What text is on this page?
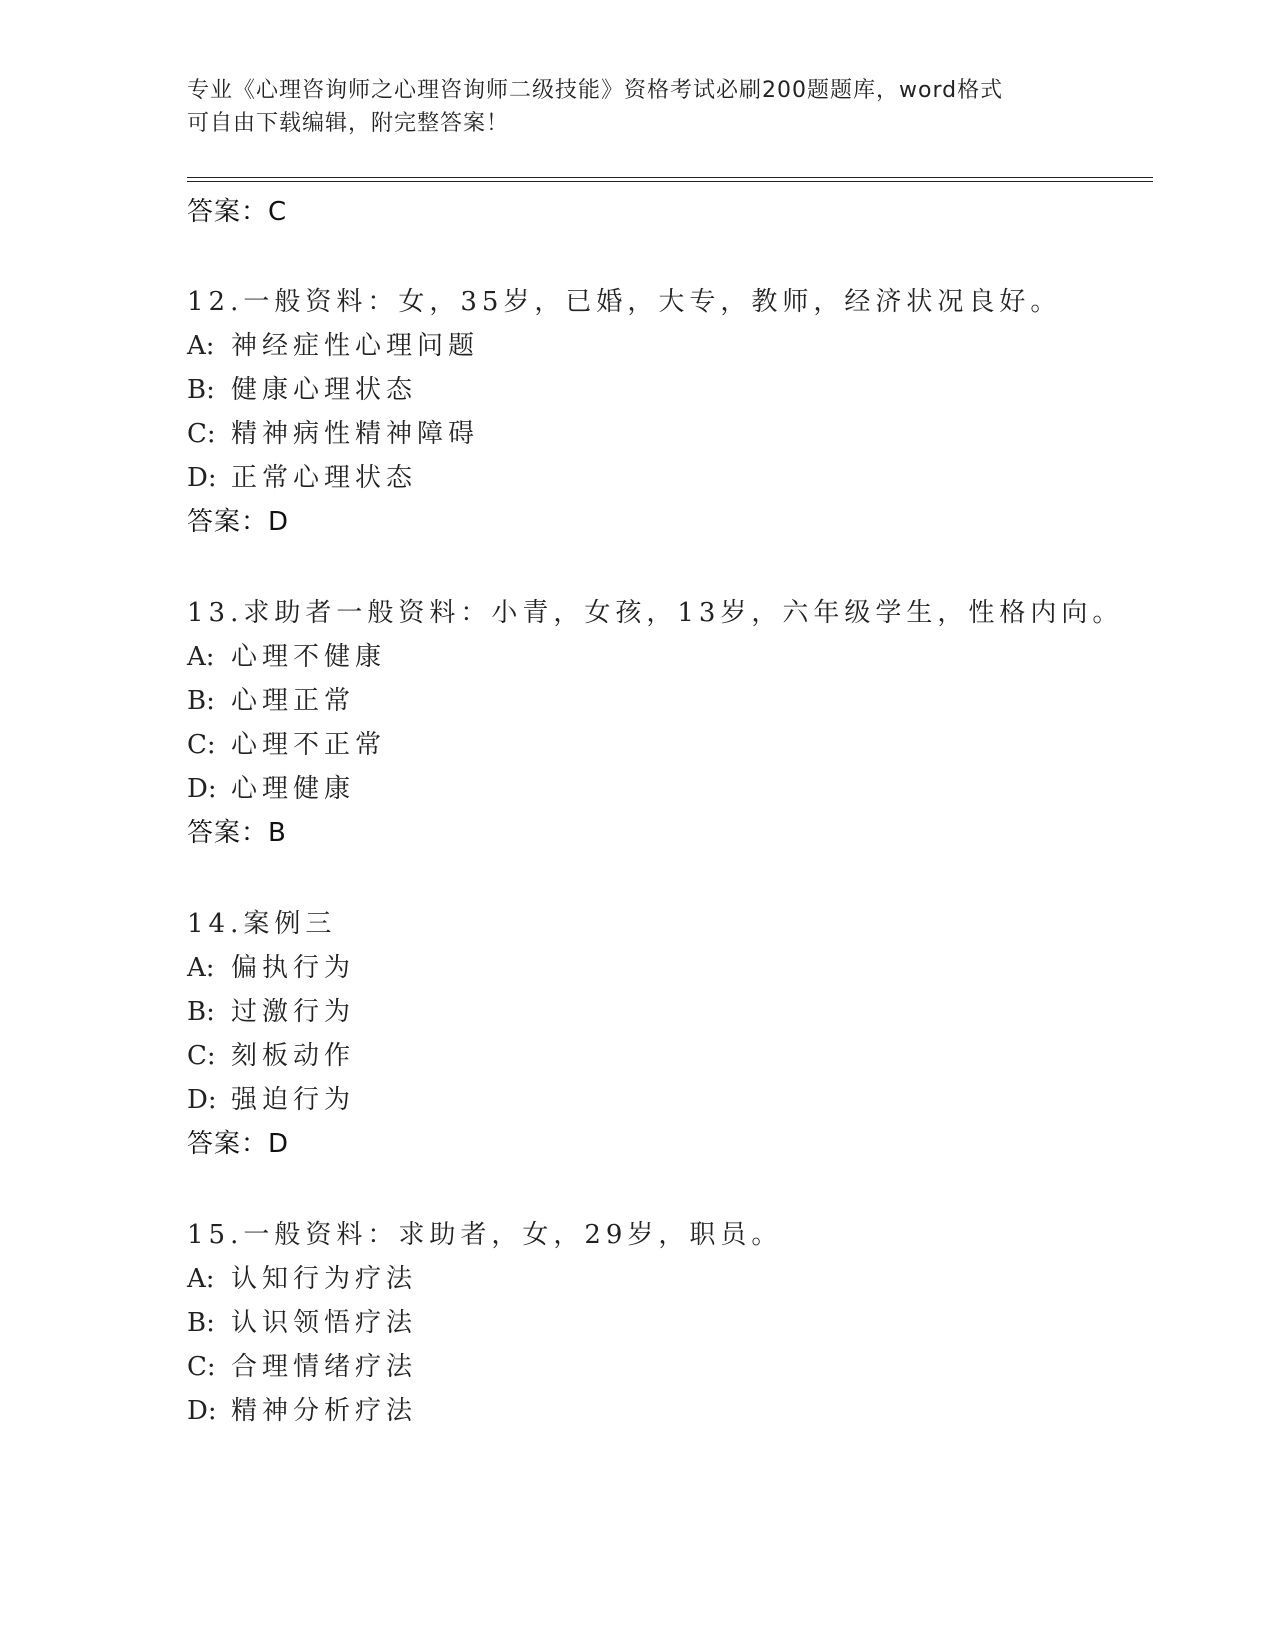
专业《心理咨询师之心理咨询师二级技能》资格考试必刷200题题库，word格式

可自由下载编辑，附完整答案！

答案：C
12.一般资料：女，35岁，已婚，大专，教师，经济状况良好。
A: 神经症性心理问题
B: 健康心理状态
C: 精神病性精神障碍
D: 正常心理状态
答案：D
13.求助者一般资料：小青，女孩，13岁，六年级学生，性格内向。
A: 心理不健康
B: 心理正常
C: 心理不正常
D: 心理健康
答案：B
14.案例三
A: 偏执行为
B: 过激行为
C: 刻板动作
D: 强迫行为
答案：D
15.一般资料：求助者，女，29岁，职员。
A: 认知行为疗法
B: 认识领悟疗法
C: 合理情绪疗法
D: 精神分析疗法
